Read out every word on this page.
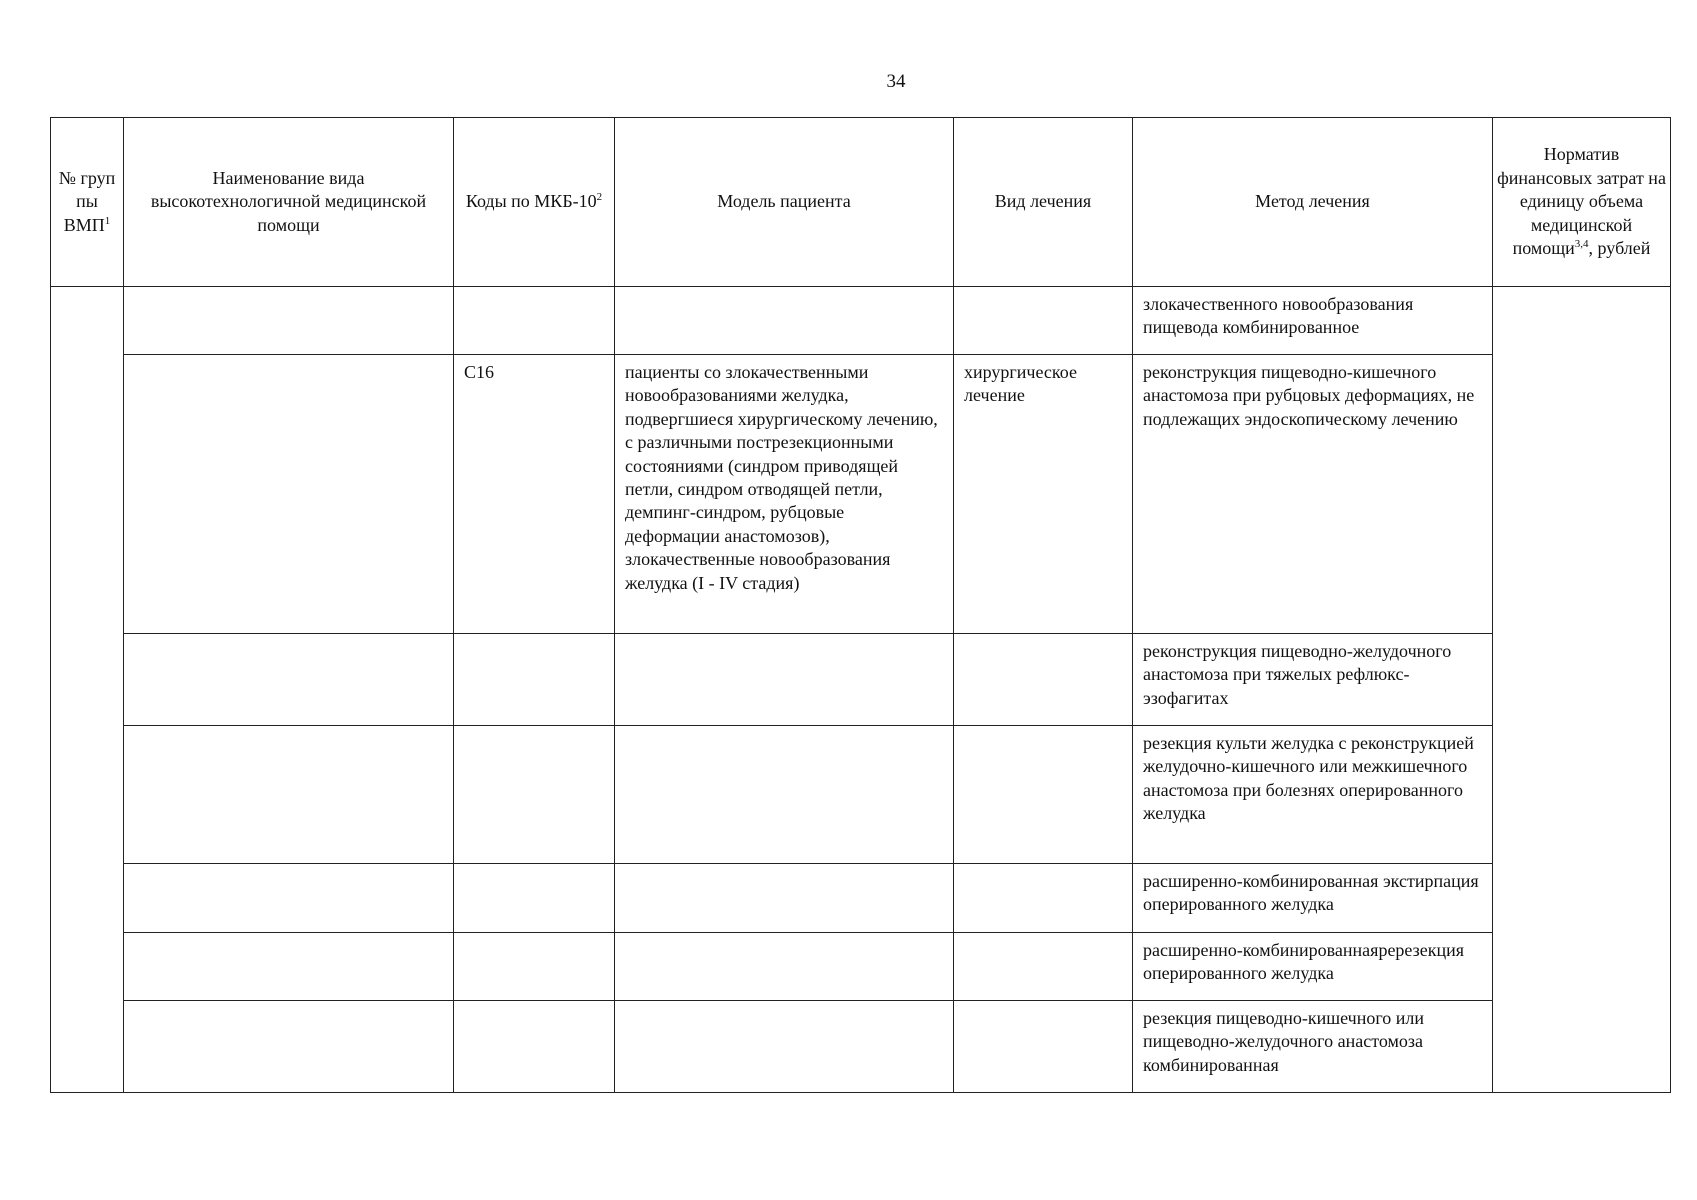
34
№ груп пы ВМП$^1$	Наименование вида высокотехнологичной медицинской помощи	Коды по МКБ-$10^2$	Модель пациента	Вид лечения	Метод лечения	Норматив финансовых затрат на единицу объема медицинской помощи$^{3,4}$, рублей
					злокачественного новообразования пищевода комбинированное	
		C16	пациенты со злокачественными новообразованиями желудка, подвергшиеся хирургическому лечению, с различными пострезекционными состояниями (синдром приводящей петли, синдром отводящей петли, демпинг-синдром, рубцовые деформации анастомозов), злокачественные новообразования желудка (I - IV стадия)	хирургическое лечение	реконструкция пищеводно-кишечного анастомоза при рубцовых деформациях, не подлежащих эндоскопическому лечению	
					реконструкция пищеводно-желудочного анастомоза при тяжелых рефлюкс-эзофагитах	
					резекция культи желудка с реконструкцией желудочно-кишечного или межкишечного анастомоза при болезнях оперированного желудка	
					расширенно-комбинированная экстирпация оперированного желудка	
					расширенно-комбинированнаяререзекция оперированного желудка	
					резекция пищеводно-кишечного или пищеводно-желудочного анастомоза комбинированная	
